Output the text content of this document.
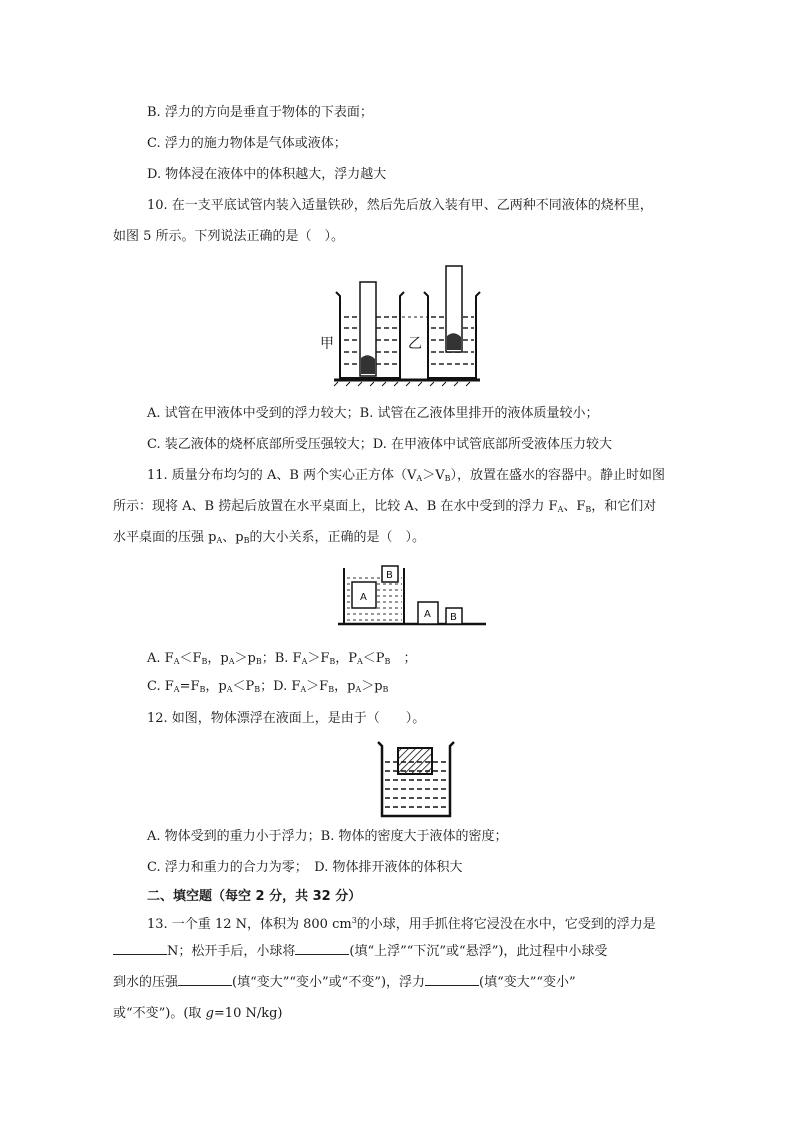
B. 浮力的方向是垂直于物体的下表面；
C. 浮力的施力物体是气体或液体；
D. 物体浸在液体中的体积越大，浮力越大
10. 在一支平底试管内装入适量铁砂，然后先后放入装有甲、乙两种不同液体的烧杯里，
如图 5 所示。下列说法正确的是（　）。
甲	乙
A. 试管在甲液体中受到的浮力较大；B. 试管在乙液体里排开的液体质量较小；
C. 装乙液体的烧杯底部所受压强较大；D. 在甲液体中试管底部所受液体压力较大
11. 质量分布均匀的 A、B 两个实心正方体$(V_A>V_B)$，放置在盛水的容器中。静止时如图
所示：现将 A、B 捞起后放置在水平桌面上，比较 A、B 在水中受到的浮力 $F_A$、$F_B$，和它们对
水平桌面的压强 $p_A$、$p_B$的大小关系，正确的是（　）。
A
B
A B
A. $F_A<F_B$，$p_A>p_B$；B. $F_A>F_B$，$P_A<P_B$　；
C. $F_A=F_B$，$p_A<P_B$；D. $F_A>F_B$，$p_A>p_B$
12. 如图，物体漂浮在液面上，是由于（　　）。
A. 物体受到的重力小于浮力；B. 物体的密度大于液体的密度；
C. 浮力和重力的合力为零；　D. 物体排开液体的体积大
二、填空题（每空 2 分，共 32 分）
13. 一个重 12 N，体积为 800 $cm^3$的小球，用手抓住将它浸没在水中，它受到的浮力是
N；松开手后，小球将	(填“上浮”“下沉”或“悬浮”)，此过程中小球受
到水的压强	(填“变大”“变小”或“不变”)，浮力	(填“变大”“变小”
或“不变”)。(取 g=10 N/kg)
